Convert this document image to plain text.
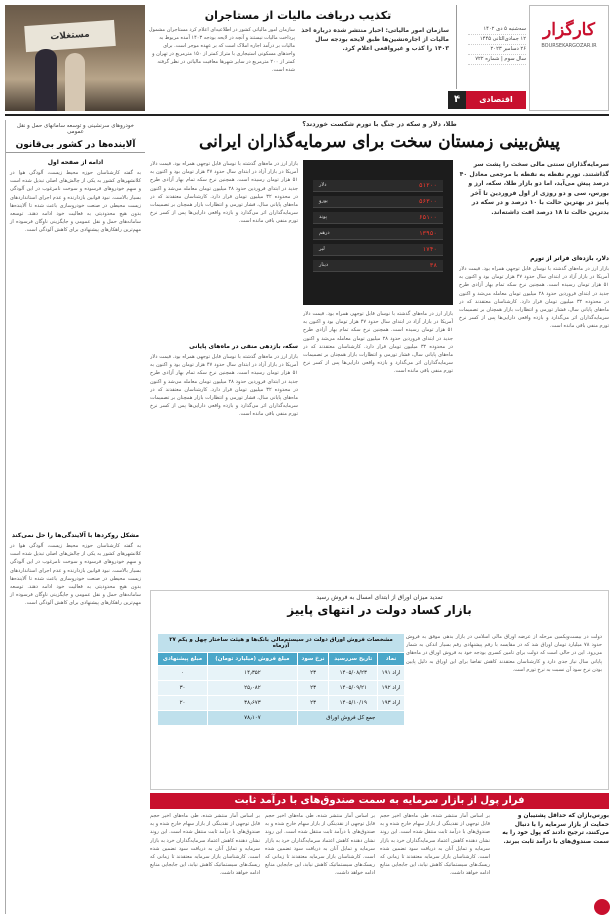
کارگزار
BOURSEKARGOZAR.IR
سه‌شنبه ۵ دی ۱۴۰۲
۱۲ جمادی‌الثانی ۱۴۴۵
۲۶ دسامبر ۲۰۲۳
سال سوم | شماره ۷۲۲
اقتصادی
۴
تکذیب دریافت مالیات از مستاجران
سازمان امور مالیاتی: اخبار منتشر شده درباره اخذ مالیات از اجاره‌نشین‌ها طبق لایحه بودجه سال ۱۴۰۳ را کذب و غیرواقعی اعلام کرد.
سازمان امور مالیاتی کشور در اطلاعیه‌ای اعلام کرد مستاجران مشمول پرداخت مالیات نیستند و آنچه در لایحه بودجه ۱۴۰۳ آمده مربوط به مالیات بر درآمد اجاره املاک است که بر عهده موجر است. برای واحدهای مسکونی استیجاری با متراژ کمتر از ۱۵۰ مترمربع در تهران و کمتر از ۲۰۰ مترمربع در سایر شهرها معافیت مالیاتی در نظر گرفته شده است.
مستغلات
طلا، دلار و سکه در جنگ با تورم شکست خوردند؟
پیش‌بینی زمستان سخت برای سرمایه‌گذاران ایرانی
سرمایه‌گذاران سنتی مالی سخت را پشت سر گذاشتند. تورم نقطه به نقطه با مرجعی معادل ۴۰ درصد پیش می‌آید، اما دو بازار طلا، سکه، ارز و بورس، سی و دو روزی از اول فروردین تا آخر پاییز در بهترین حالت با ۱۰ درصد و در سکه در بدترین حالت تا ۱۸ درصد افت داشته‌اند.
دلار، بازده‌ای فراتر از تورم
بازار ارز در ماه‌های گذشته با نوسان قابل توجهی همراه بود. قیمت دلار آمریکا در بازار آزاد در ابتدای سال حدود ۴۷ هزار تومان بود و اکنون به ۵۱ هزار تومان رسیده است. همچنین نرخ سکه تمام بهار آزادی طرح جدید در ابتدای فروردین حدود ۲۸ میلیون تومان معامله می‌شد و اکنون در محدوده ۳۲ میلیون تومان قرار دارد. کارشناسان معتقدند که در ماه‌های پایانی سال، فشار تورمی و انتظارات بازار همچنان بر تصمیمات سرمایه‌گذاران اثر می‌گذارد و بازده واقعی دارایی‌ها پس از کسر نرخ تورم منفی باقی مانده است.
بازار ارز در ماه‌های گذشته با نوسان قابل توجهی همراه بود. قیمت دلار آمریکا در بازار آزاد در ابتدای سال حدود ۴۷ هزار تومان بود و اکنون به ۵۱ هزار تومان رسیده است. همچنین نرخ سکه تمام بهار آزادی طرح جدید در ابتدای فروردین حدود ۲۸ میلیون تومان معامله می‌شد و اکنون در محدوده ۳۲ میلیون تومان قرار دارد. کارشناسان معتقدند که در ماه‌های پایانی سال، فشار تورمی و انتظارات بازار همچنان بر تصمیمات سرمایه‌گذاران اثر می‌گذارد و بازده واقعی دارایی‌ها پس از کسر نرخ تورم منفی باقی مانده است.
سکه، بازدهی منفی در ماه‌های پایانی
بازار ارز در ماه‌های گذشته با نوسان قابل توجهی همراه بود. قیمت دلار آمریکا در بازار آزاد در ابتدای سال حدود ۴۷ هزار تومان بود و اکنون به ۵۱ هزار تومان رسیده است. همچنین نرخ سکه تمام بهار آزادی طرح جدید در ابتدای فروردین حدود ۲۸ میلیون تومان معامله می‌شد و اکنون در محدوده ۳۲ میلیون تومان قرار دارد. کارشناسان معتقدند که در ماه‌های پایانی سال، فشار تورمی و انتظارات بازار همچنان بر تصمیمات سرمایه‌گذاران اثر می‌گذارد و بازده واقعی دارایی‌ها پس از کسر نرخ تورم منفی باقی مانده است.
بازار ارز در ماه‌های گذشته با نوسان قابل توجهی همراه بود. قیمت دلار آمریکا در بازار آزاد در ابتدای سال حدود ۴۷ هزار تومان بود و اکنون به ۵۱ هزار تومان رسیده است. همچنین نرخ سکه تمام بهار آزادی طرح جدید در ابتدای فروردین حدود ۲۸ میلیون تومان معامله می‌شد و اکنون در محدوده ۳۲ میلیون تومان قرار دارد. کارشناسان معتقدند که در ماه‌های پایانی سال، فشار تورمی و انتظارات بازار همچنان بر تصمیمات سرمایه‌گذاران اثر می‌گذارد و بازده واقعی دارایی‌ها پس از کسر نرخ تورم منفی باقی مانده است.
دلار	۵۱۲۰۰
یورو	۵۶۳۰۰
پوند	۶۵۱۰۰
درهم	۱۳۹۵۰
لیر	۱۷۴۰
دینار	۳۸
خودروهای سرنشینی و توسعه سامانهای حمل و نقل عمومی
آلاینده‌ها در کشور بی‌قانون
ادامه از صفحه اول
به گفته کارشناسان حوزه محیط زیست، آلودگی هوا در کلانشهرهای کشور به یکی از چالش‌های اصلی تبدیل شده است و سهم خودروهای فرسوده و سوخت نامرغوب در این آلودگی بسیار بالاست. نبود قوانین بازدارنده و عدم اجرای استانداردهای زیست محیطی در صنعت خودروسازی باعث شده تا آلاینده‌ها بدون هیچ محدودیتی به فعالیت خود ادامه دهند. توسعه سامانه‌های حمل و نقل عمومی و جایگزینی ناوگان فرسوده از مهم‌ترین راهکارهای پیشنهادی برای کاهش آلودگی است.
مشکل روکردها با آلایندگی‌ها را حل نمی‌کند
به گفته کارشناسان حوزه محیط زیست، آلودگی هوا در کلانشهرهای کشور به یکی از چالش‌های اصلی تبدیل شده است و سهم خودروهای فرسوده و سوخت نامرغوب در این آلودگی بسیار بالاست. نبود قوانین بازدارنده و عدم اجرای استانداردهای زیست محیطی در صنعت خودروسازی باعث شده تا آلاینده‌ها بدون هیچ محدودیتی به فعالیت خود ادامه دهند. توسعه سامانه‌های حمل و نقل عمومی و جایگزینی ناوگان فرسوده از مهم‌ترین راهکارهای پیشنهادی برای کاهش آلودگی است.
تمدید میزان اوراق از ابتدای امسال به فروش رسید
بازار کساد دولت در انتهای پاییز
دولت در بیست‌ویکمین مرحله از عرضه اوراق مالی اسلامی در بازار بدهی موفق به فروش حدود ۷۸ میلیارد تومان اوراق شد که در مقایسه با رقم پیشنهادی رقم بسیار اندکی به شمار می‌رود. این در حالی است که دولت برای تامین کسری بودجه خود به فروش اوراق در ماه‌های پایانی سال نیاز جدی دارد و کارشناسان معتقدند کاهش تقاضا برای این اوراق به دلیل پایین بودن نرخ سود آن نسبت به نرخ تورم است.
مشخصات فروش اوراق دولت در سیستم‌مالی بانک‌ها و هیئت ساختار چهل و یکم ۲۷ آذرماه				
نماد	تاریخ سررسید	نرخ سود	مبلغ فروش (میلیارد تومان)	مبلغ پیشنهادی
اراد ۱۹۱	۱۴۰۵/۰۸/۲۳	۲۳	۱۴٫۳۵۲	۰
اراد ۱۹۲	۱۴۰۵/۰۹/۲۱	۲۳	۲۵٫۰۸۲	۳۰
اراد ۱۹۳	۱۴۰۵/۱۰/۱۹	۲۳	۳۸٫۶۷۳	۲۰
جمع کل فروش اوراق			۷۸٫۱۰۷	
فرار پول از بازار سرمایه به سمت صندوق‌های با درآمد ثابت
بورس‌بازان که حداقل پشتیبان و حمایت از بازار سرمایه را با دنبال می‌کنند، ترجیح دادند که پول خود را به سمت صندوق‌های با درآمد ثابت ببرند.
بر اساس آمار منتشر شده، طی ماه‌های اخیر حجم قابل توجهی از نقدینگی از بازار سهام خارج شده و به صندوق‌های با درآمد ثابت منتقل شده است. این روند نشان دهنده کاهش اعتماد سرمایه‌گذاران خرد به بازار سرمایه و تمایل آنان به دریافت سود تضمین شده است. کارشناسان بازار سرمایه معتقدند تا زمانی که ریسک‌های سیستماتیک کاهش نیابد، این جابجایی منابع ادامه خواهد داشت.
بر اساس آمار منتشر شده، طی ماه‌های اخیر حجم قابل توجهی از نقدینگی از بازار سهام خارج شده و به صندوق‌های با درآمد ثابت منتقل شده است. این روند نشان دهنده کاهش اعتماد سرمایه‌گذاران خرد به بازار سرمایه و تمایل آنان به دریافت سود تضمین شده است. کارشناسان بازار سرمایه معتقدند تا زمانی که ریسک‌های سیستماتیک کاهش نیابد، این جابجایی منابع ادامه خواهد داشت.
بر اساس آمار منتشر شده، طی ماه‌های اخیر حجم قابل توجهی از نقدینگی از بازار سهام خارج شده و به صندوق‌های با درآمد ثابت منتقل شده است. این روند نشان دهنده کاهش اعتماد سرمایه‌گذاران خرد به بازار سرمایه و تمایل آنان به دریافت سود تضمین شده است. کارشناسان بازار سرمایه معتقدند تا زمانی که ریسک‌های سیستماتیک کاهش نیابد، این جابجایی منابع ادامه خواهد داشت.
